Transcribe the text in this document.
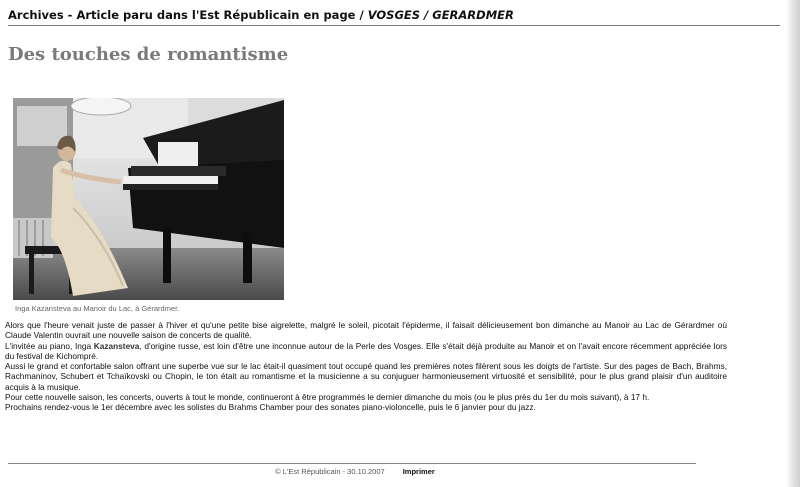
Archives - Article paru dans l'Est Républicain en page / VOSGES / GERARDMER
Des touches de romantisme
Inga Kazansteva au Manoir du Lac, à Gérardmer.

Alors que l'heure venait juste de passer à l'hiver et qu'une petite bise aigrelette, malgré le soleil, picotait l'épiderme, il faisait délicieusement bon dimanche au Manoir au Lac de Gérardmer où Claude Valentin ouvrait une nouvelle saison de concerts de qualité.

L'invitée au piano, Inga Kazansteva, d'origine russe, est loin d'être une inconnue autour de la Perle des Vosges. Elle s'était déjà produite au Manoir et on l'avait encore récemment appréciée lors du festival de Kichompré.

Aussi le grand et confortable salon offrant une superbe vue sur le lac était-il quasiment tout occupé quand les premières notes filèrent sous les doigts de l'artiste. Sur des pages de Bach, Brahms, Rachmaninov, Schubert et Tchaïkovski ou Chopin, le ton était au romantisme et la musicienne a su conjuguer harmonieusement virtuosité et sensibilité, pour le plus grand plaisir d'un auditoire acquis à la musique.

Pour cette nouvelle saison, les concerts, ouverts à tout le monde, continueront à être programmés le dernier dimanche du mois (ou le plus près du 1er du mois suivant), à 17 h.

Prochains rendez-vous le 1er décembre avec les solistes du Brahms Chamber pour des sonates piano-violoncelle, puis le 6 janvier pour du jazz.

© L'Est Républicain - 30.10.2007 Imprimer
